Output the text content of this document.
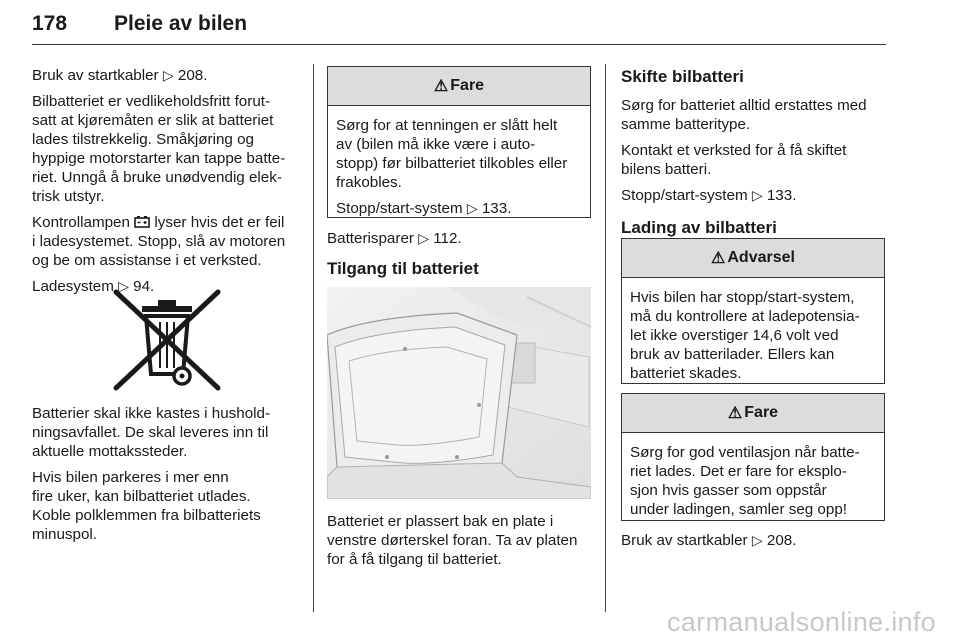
178 Pleie av bilen

Bruk av startkabler ▷ 208.

Bilbatteriet er vedlikeholdsfritt forut-
satt at kjøremåten er slik at batteriet
lades tilstrekkelig. Småkjøring og
hyppige motorstarter kan tappe batte-
riet. Unngå å bruke unødvendig elek-
trisk utstyr.

Kontrollampen lyser hvis det er feil
i ladesystemet. Stopp, slå av motoren
og be om assistanse i et verksted.

Ladesystem ▷ 94.

Batterier skal ikke kastes i hushold-
ningsavfallet. De skal leveres inn til
aktuelle mottakssteder.

Hvis bilen parkeres i mer enn
fire uker, kan bilbatteriet utlades.
Koble polklemmen fra bilbatteriets
minuspol.

⚠ Fare

Sørg for at tenningen er slått helt
av (bilen må ikke være i auto-
stopp) før bilbatteriet tilkobles eller
frakobles.

Stopp/start-system ▷ 133.

Batterisparer ▷ 112.

Tilgang til batteriet

Batteriet er plassert bak en plate i
venstre dørterskel foran. Ta av platen
for å få tilgang til batteriet.

Skifte bilbatteri

Sørg for batteriet alltid erstattes med
samme batteritype.

Kontakt et verksted for å få skiftet
bilens batteri.

Stopp/start-system ▷ 133.

Lading av bilbatteri
⚠ Advarsel

Hvis bilen har stopp/start-system,
må du kontrollere at ladepotensia-
let ikke overstiger 14,6 volt ved
bruk av batterilader. Ellers kan
batteriet skades.

⚠ Fare

Sørg for god ventilasjon når batte-
riet lades. Det er fare for eksplo-
sjon hvis gasser som oppstår
under ladingen, samler seg opp!

Bruk av startkabler ▷ 208.

carmanualsonline.info
